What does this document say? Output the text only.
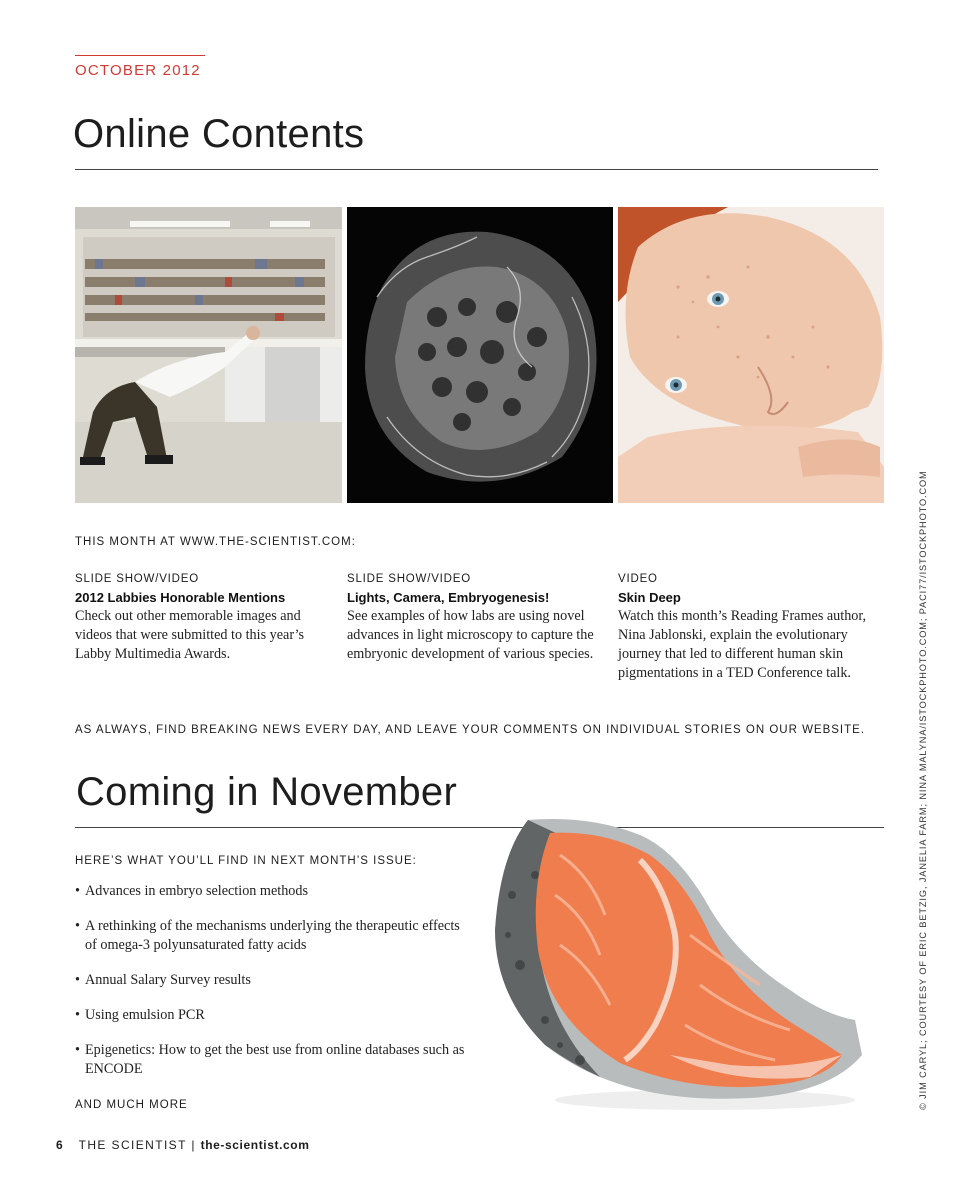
OCTOBER 2012
Online Contents
THIS MONTH AT WWW.THE-SCIENTIST.COM:
SLIDE SHOW/VIDEO
2012 Labbies Honorable Mentions
Check out other memorable images and videos that were submitted to this year’s Labby Multimedia Awards.
SLIDE SHOW/VIDEO
Lights, Camera, Embryogenesis!
See examples of how labs are using novel advances in light microscopy to capture the embryonic development of various species.
VIDEO
Skin Deep
Watch this month’s Reading Frames author, Nina Jablonski, explain the evolutionary journey that led to different human skin pigmentations in a TED Conference talk.
AS ALWAYS, FIND BREAKING NEWS EVERY DAY, AND LEAVE YOUR COMMENTS ON INDIVIDUAL STORIES ON OUR WEBSITE.
Coming in November
HERE’S WHAT YOU’LL FIND IN NEXT MONTH’S ISSUE:
• Advances in embryo selection methods
• A rethinking of the mechanisms underlying the therapeutic effects of omega-3 polyunsaturated fatty acids
• Annual Salary Survey results
• Using emulsion PCR
• Epigenetics: How to get the best use from online databases such as ENCODE
AND MUCH MORE
6 THE SCIENTIST | the-scientist.com
© JIM CARYL; COURTESY OF ERIC BETZIG, JANELIA FARM; NINA MALYNA/ISTOCKPHOTO.COM; PACI77/ISTOCKPHOTO.COM
